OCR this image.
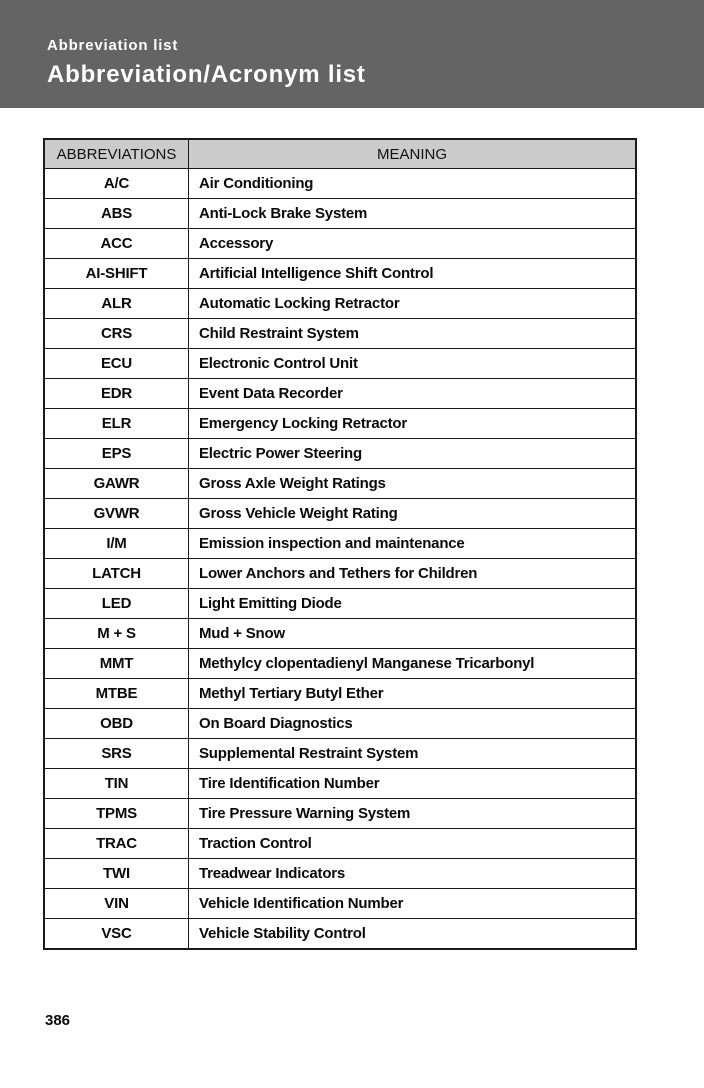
Abbreviation list
Abbreviation/Acronym list
ABBREVIATIONS	MEANING
A/C	Air Conditioning
ABS	Anti-Lock Brake System
ACC	Accessory
AI-SHIFT	Artificial Intelligence Shift Control
ALR	Automatic Locking Retractor
CRS	Child Restraint System
ECU	Electronic Control Unit
EDR	Event Data Recorder
ELR	Emergency Locking Retractor
EPS	Electric Power Steering
GAWR	Gross Axle Weight Ratings
GVWR	Gross Vehicle Weight Rating
I/M	Emission inspection and maintenance
LATCH	Lower Anchors and Tethers for Children
LED	Light Emitting Diode
M + S	Mud + Snow
MMT	Methylcy clopentadienyl Manganese Tricarbonyl
MTBE	Methyl Tertiary Butyl Ether
OBD	On Board Diagnostics
SRS	Supplemental Restraint System
TIN	Tire Identification Number
TPMS	Tire Pressure Warning System
TRAC	Traction Control
TWI	Treadwear Indicators
VIN	Vehicle Identification Number
VSC	Vehicle Stability Control
386
